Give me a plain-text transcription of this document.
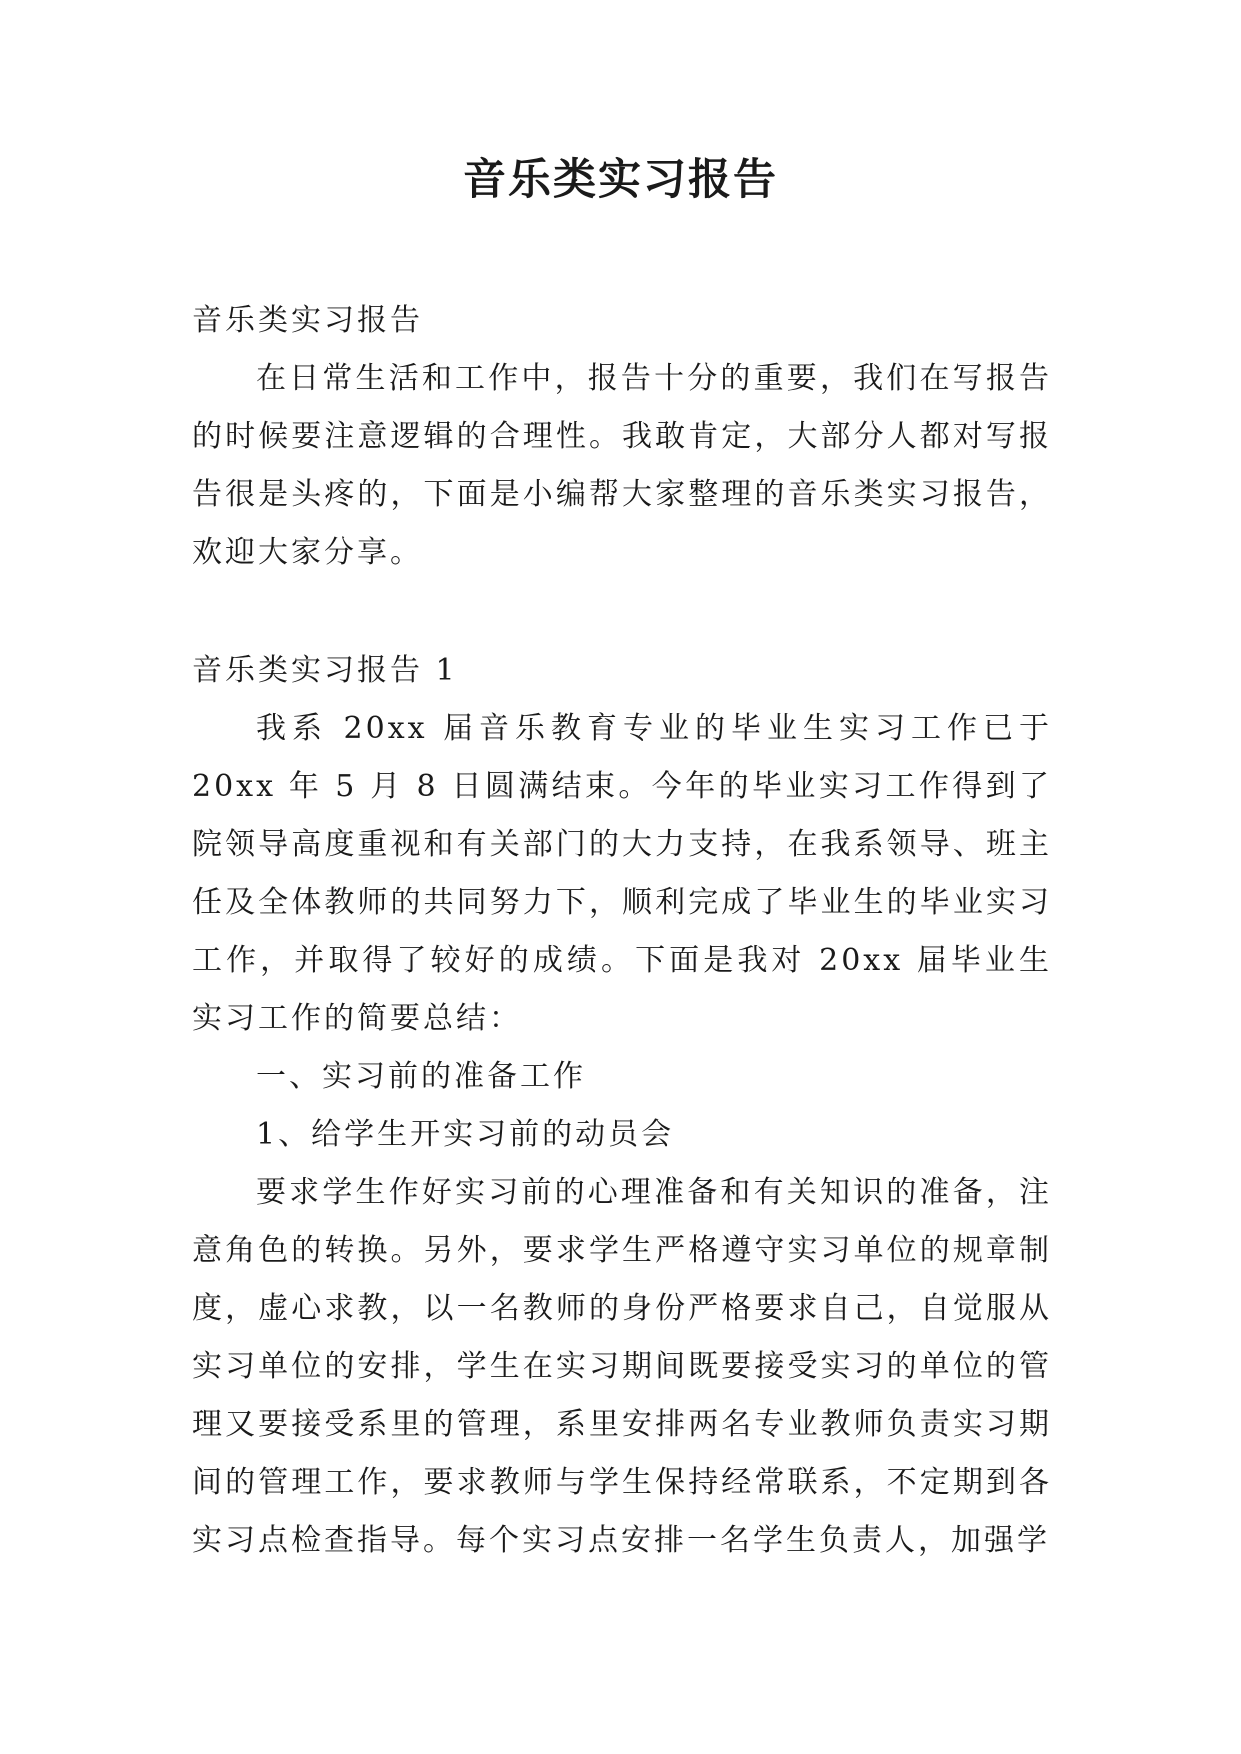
音乐类实习报告

音乐类实习报告

在日常生活和工作中，报告十分的重要，我们在写报告的时候要注意逻辑的合理性。我敢肯定，大部分人都对写报告很是头疼的，下面是小编帮大家整理的音乐类实习报告，欢迎大家分享。

音乐类实习报告 1

我系 20xx 届音乐教育专业的毕业生实习工作已于 20xx 年 5 月 8 日圆满结束。今年的毕业实习工作得到了院领导高度重视和有关部门的大力支持，在我系领导、班主任及全体教师的共同努力下，顺利完成了毕业生的毕业实习工作，并取得了较好的成绩。下面是我对 20xx 届毕业生实习工作的简要总结：

一、实习前的准备工作

1、给学生开实习前的动员会

要求学生作好实习前的心理准备和有关知识的准备，注意角色的转换。另外，要求学生严格遵守实习单位的规章制度，虚心求教，以一名教师的身份严格要求自己，自觉服从实习单位的安排，学生在实习期间既要接受实习的单位的管理又要接受系里的管理，系里安排两名专业教师负责实习期间的管理工作，要求教师与学生保持经常联系，不定期到各实习点检查指导。每个实习点安排一名学生负责人，加强学
